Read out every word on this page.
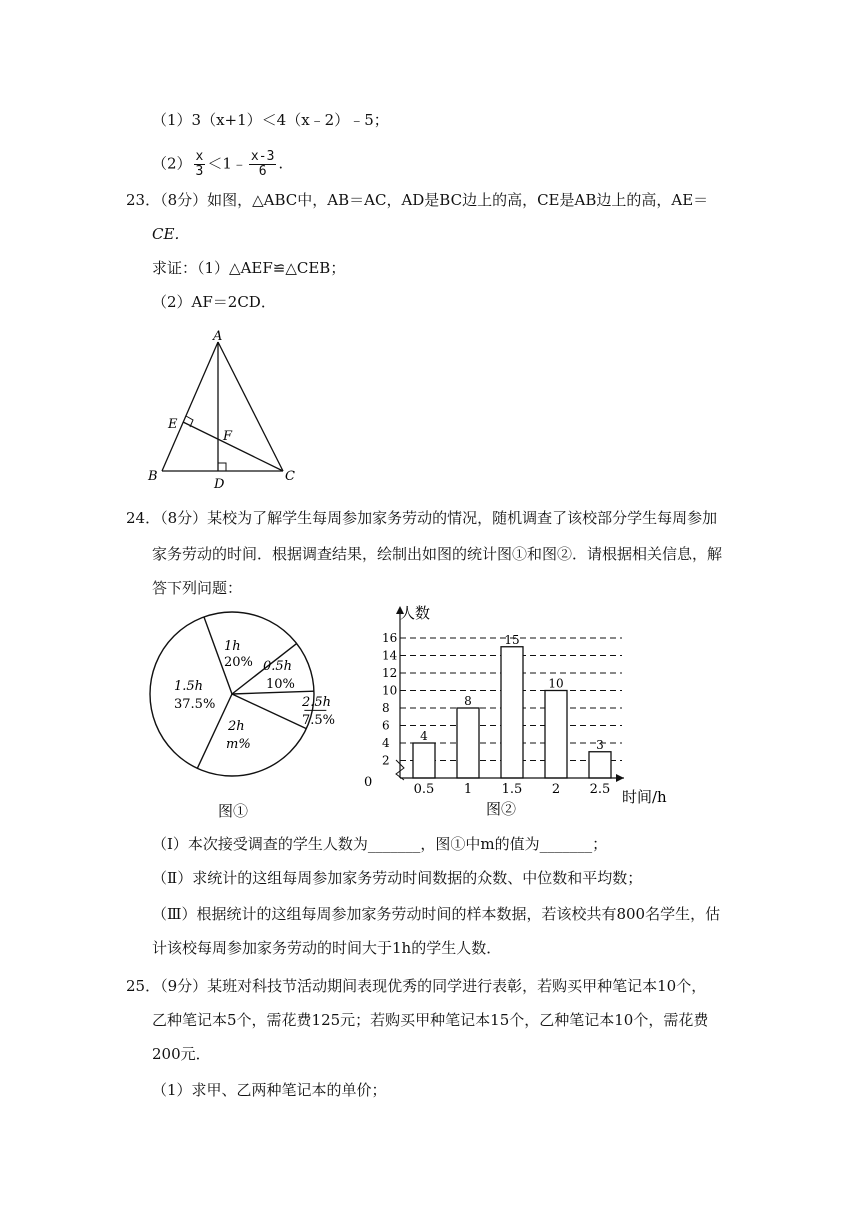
（1）3（x+1）＜4（x﹣2）﹣5；
$(2) \frac{x}{3}$ ＜1﹣ $\frac{x-3}{6}$ .
23．（8分）如图，△ABC中，AB＝AC，AD是BC边上的高，CE是AB边上的高，AE＝
CE．
求证：（1）△AEF≌△CEB；
（2）AF＝2CD．
A
E
F
B
D
C
24．（8分）某校为了解学生每周参加家务劳动的情况，随机调查了该校部分学生每周参加
家务劳动的时间．根据调查结果，绘制出如图的统计图①和图②．请根据相关信息，解
答下列问题：
1h
20% 0.5h
10%
2.5h
7.5%
2h
m%
1.5h
37.5%
图①
4
8
15
10
3
2
4
6
8
10
12
14
16
0.5 1 1.5 2 2.5
人数
时间/h
0
图②
（Ⅰ）本次接受调查的学生人数为_______，图①中m的值为_______；
（Ⅱ）求统计的这组每周参加家务劳动时间数据的众数、中位数和平均数；
（Ⅲ）根据统计的这组每周参加家务劳动时间的样本数据，若该校共有800名学生，估
计该校每周参加家务劳动的时间大于1h的学生人数．
25．（9分）某班对科技节活动期间表现优秀的同学进行表彰，若购买甲种笔记本10个，
乙种笔记本5个，需花费125元；若购买甲种笔记本15个，乙种笔记本10个，需花费
200元．
（1）求甲、乙两种笔记本的单价；
